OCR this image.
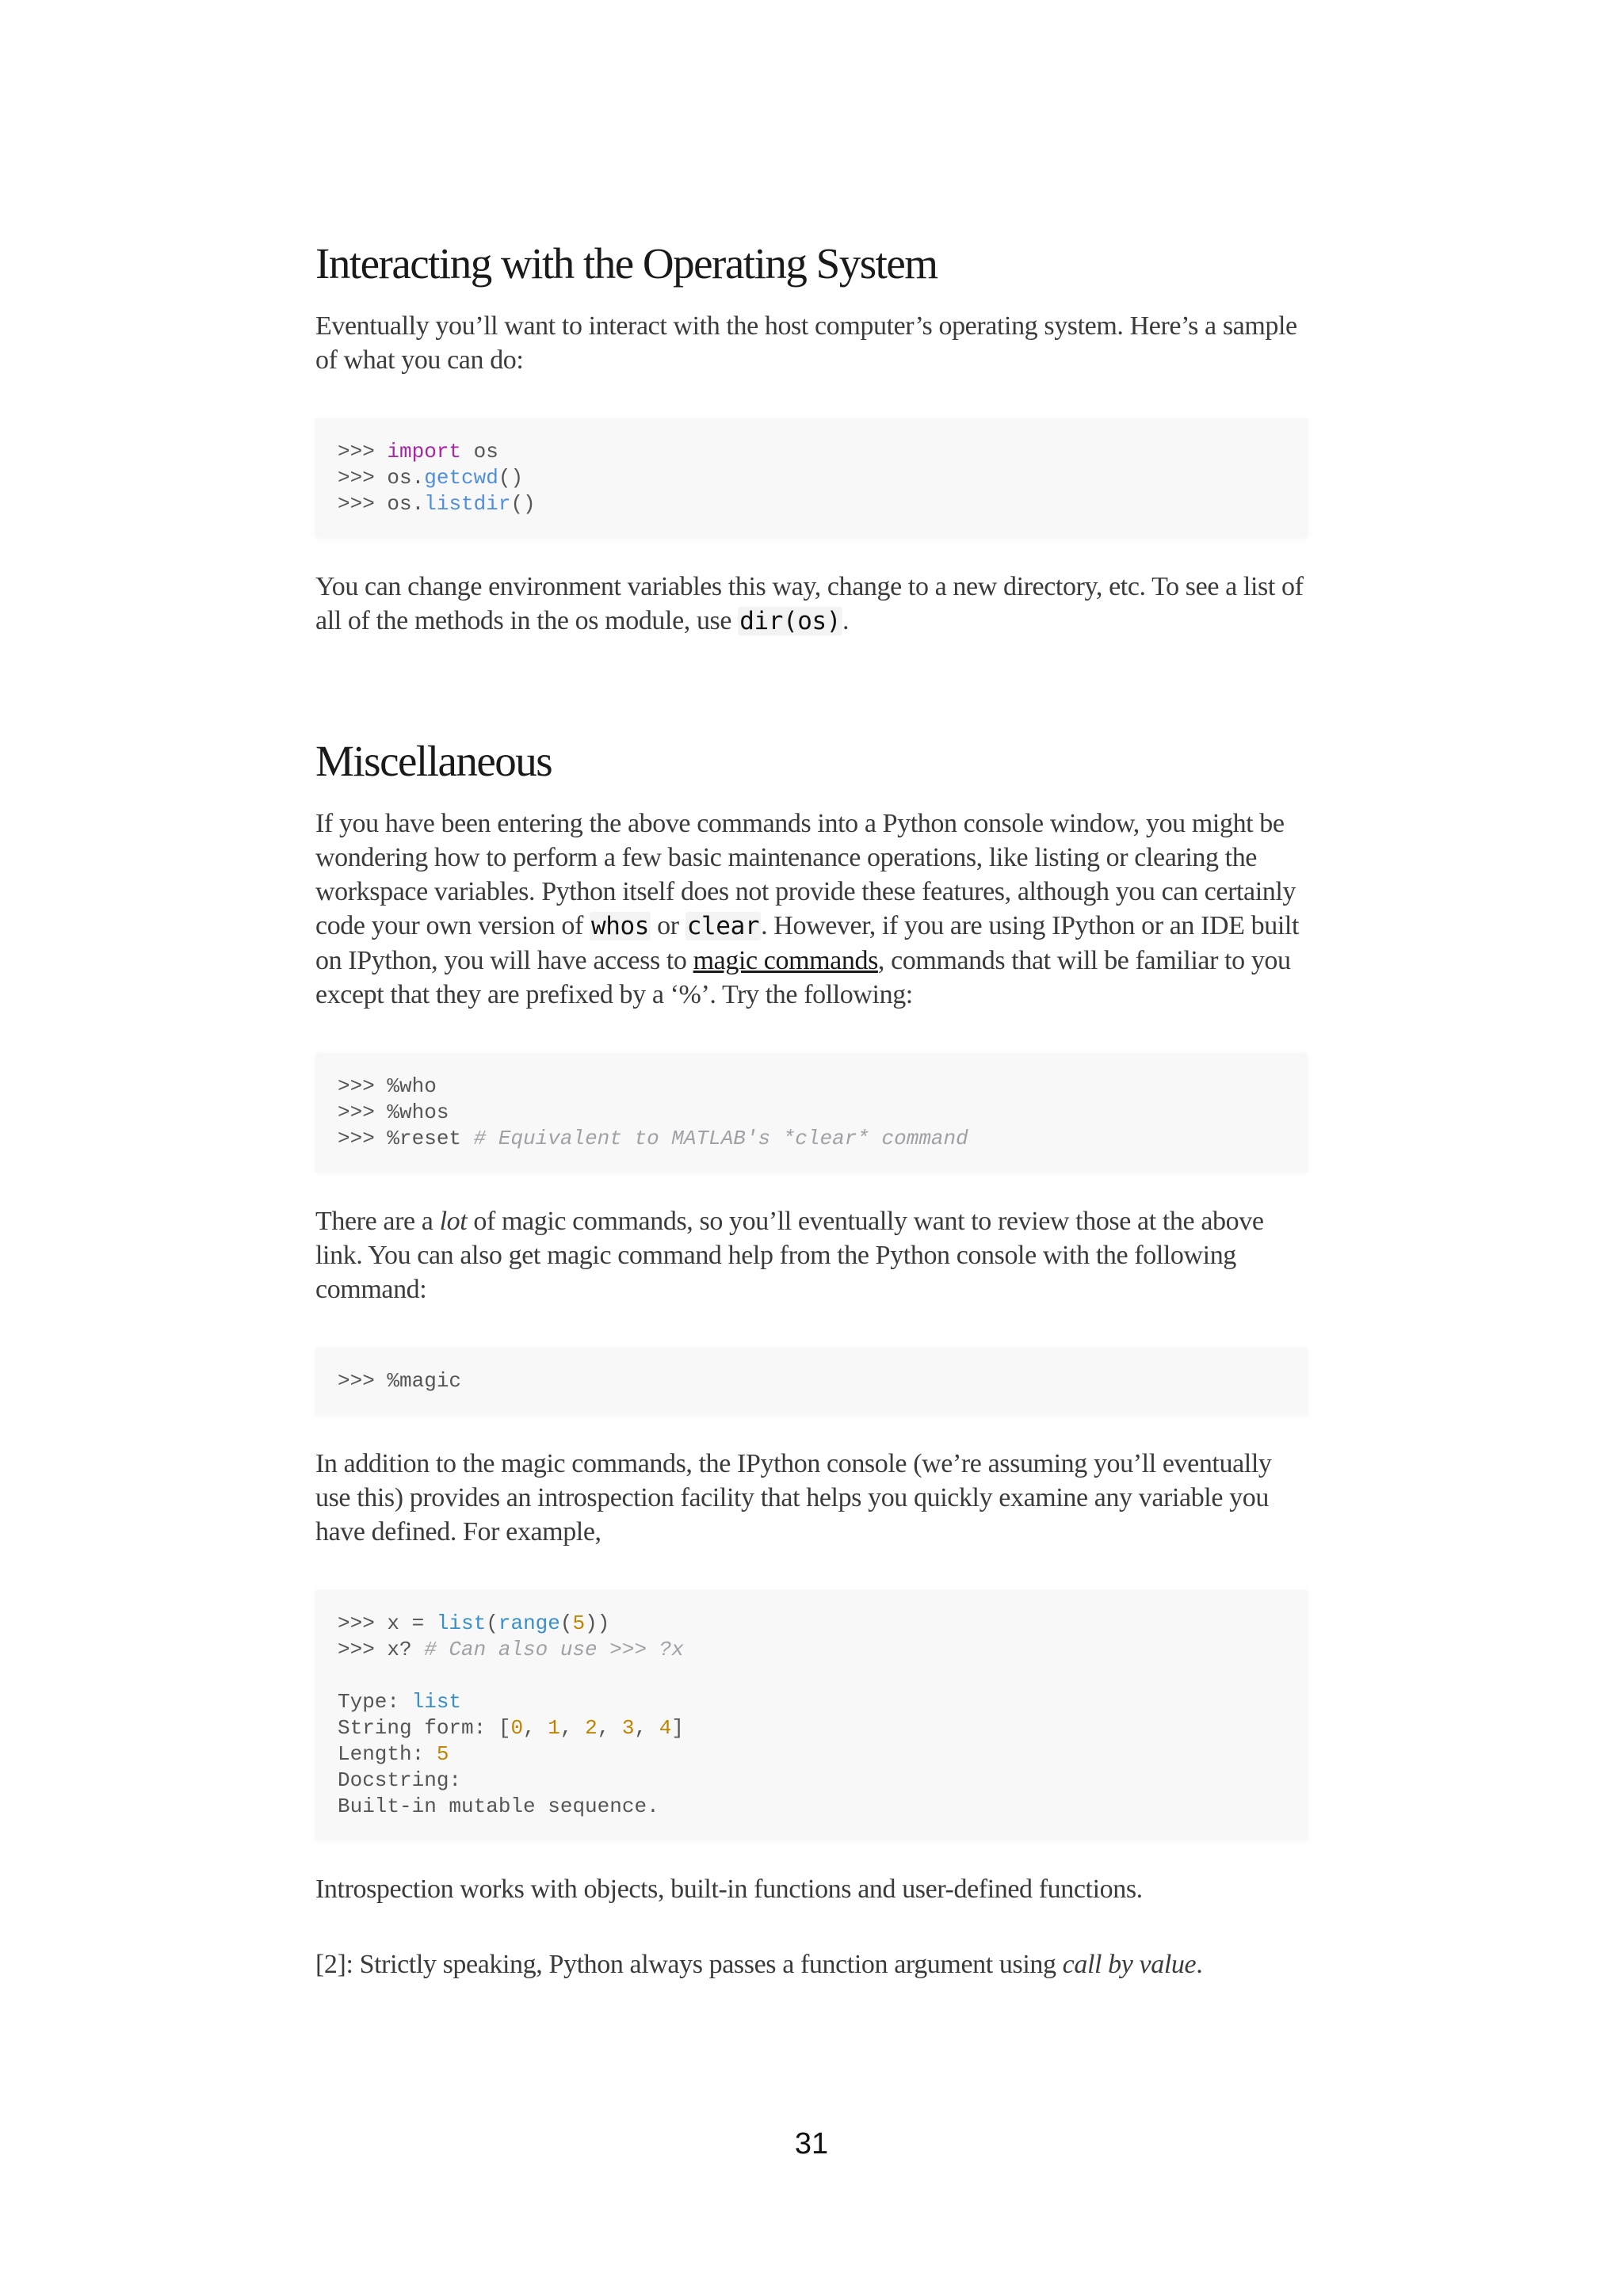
Interacting with the Operating System

Eventually you’ll want to interact with the host computer’s operating system. Here’s a sample of what you can do:

>>> import os
>>> os.getcwd()
>>> os.listdir()

You can change environment variables this way, change to a new directory, etc. To see a list of all of the methods in the os module, use dir(os).

Miscellaneous

If you have been entering the above commands into a Python console window, you might be wondering how to perform a few basic maintenance operations, like listing or clearing the workspace variables. Python itself does not provide these features, although you can certainly code your own version of whos or clear. However, if you are using IPython or an IDE built on IPython, you will have access to magic commands, commands that will be familiar to you except that they are prefixed by a ‘%’. Try the following:

>>> %who
>>> %whos
>>> %reset # Equivalent to MATLAB's *clear* command

There are a lot of magic commands, so you’ll eventually want to review those at the above link. You can also get magic command help from the Python console with the following command:

>>> %magic

In addition to the magic commands, the IPython console (we’re assuming you’ll eventually use this) provides an introspection facility that helps you quickly examine any variable you have defined. For example,

>>> x = list(range(5))
>>> x? # Can also use >>> ?x

Type: list
String form: [0, 1, 2, 3, 4]
Length: 5
Docstring:
Built-in mutable sequence.

Introspection works with objects, built-in functions and user-defined functions.

[2]: Strictly speaking, Python always passes a function argument using call by value.

31
